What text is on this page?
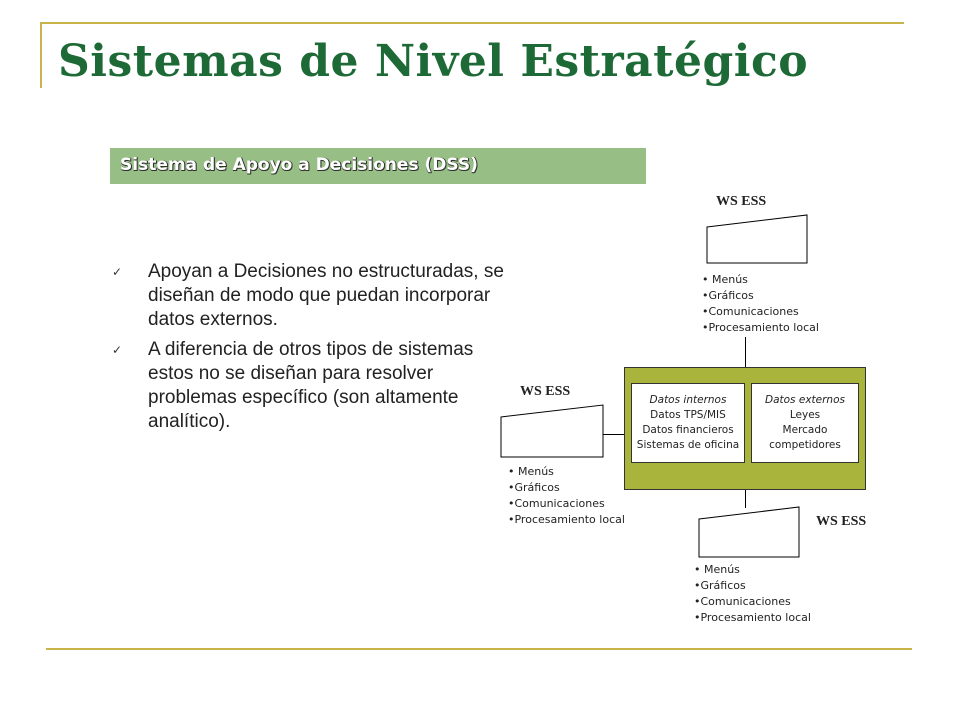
Sistemas de Nivel Estratégico
Sistema de Apoyo a Decisiones (DSS)
✓ Apoyan a Decisiones no estructuradas, se diseñan de modo que puedan incorporar datos externos.
✓ A diferencia de otros tipos de sistemas estos no se diseñan para resolver problemas específico (son altamente analítico).
WS ESS
• Menús
•Gráficos
•Comunicaciones
•Procesamiento local
WS ESS
• Menús
•Gráficos
•Comunicaciones
•Procesamiento local
Datos internos
Datos TPS/MIS
Datos financieros
Sistemas de oficina
Datos externos
Leyes
Mercado
competidores
WS ESS
• Menús
•Gráficos
•Comunicaciones
•Procesamiento local
